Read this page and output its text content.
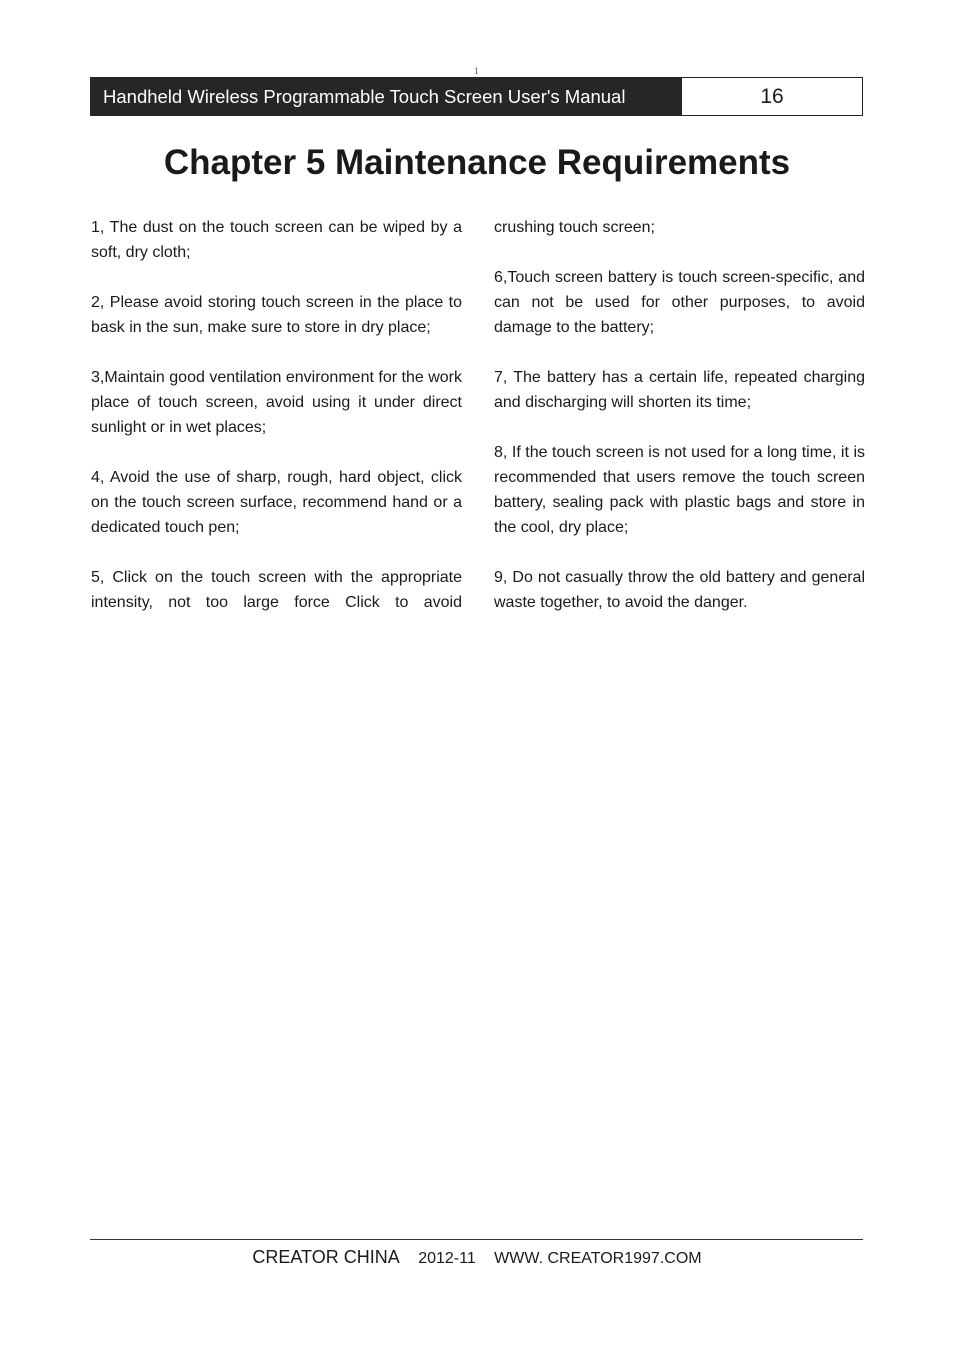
1
Handheld Wireless Programmable Touch Screen User's Manual	16
Chapter 5 Maintenance Requirements

1, The dust on the touch screen can be wiped by a soft, dry cloth;

2, Please avoid storing touch screen in the place to bask in the sun, make sure to store in dry place;

3,Maintain good ventilation environment for the work place of touch screen, avoid using it under direct sunlight or in wet places;

4, Avoid the use of sharp, rough, hard object, click on the touch screen surface, recommend hand or a dedicated touch pen;

5, Click on the touch screen with the appropriate intensity, not too large force Click to avoid

crushing touch screen;

6,Touch screen battery is touch screen-specific, and can not be used for other purposes, to avoid damage to the battery;

7, The battery has a certain life, repeated charging and discharging will shorten its time;

8, If the touch screen is not used for a long time, it is recommended that users remove the touch screen battery, sealing pack with plastic bags and store in the cool, dry place;

9, Do not casually throw the old battery and general waste together, to avoid the danger.

CREATOR CHINA 2012-11 WWW. CREATOR1997.COM
